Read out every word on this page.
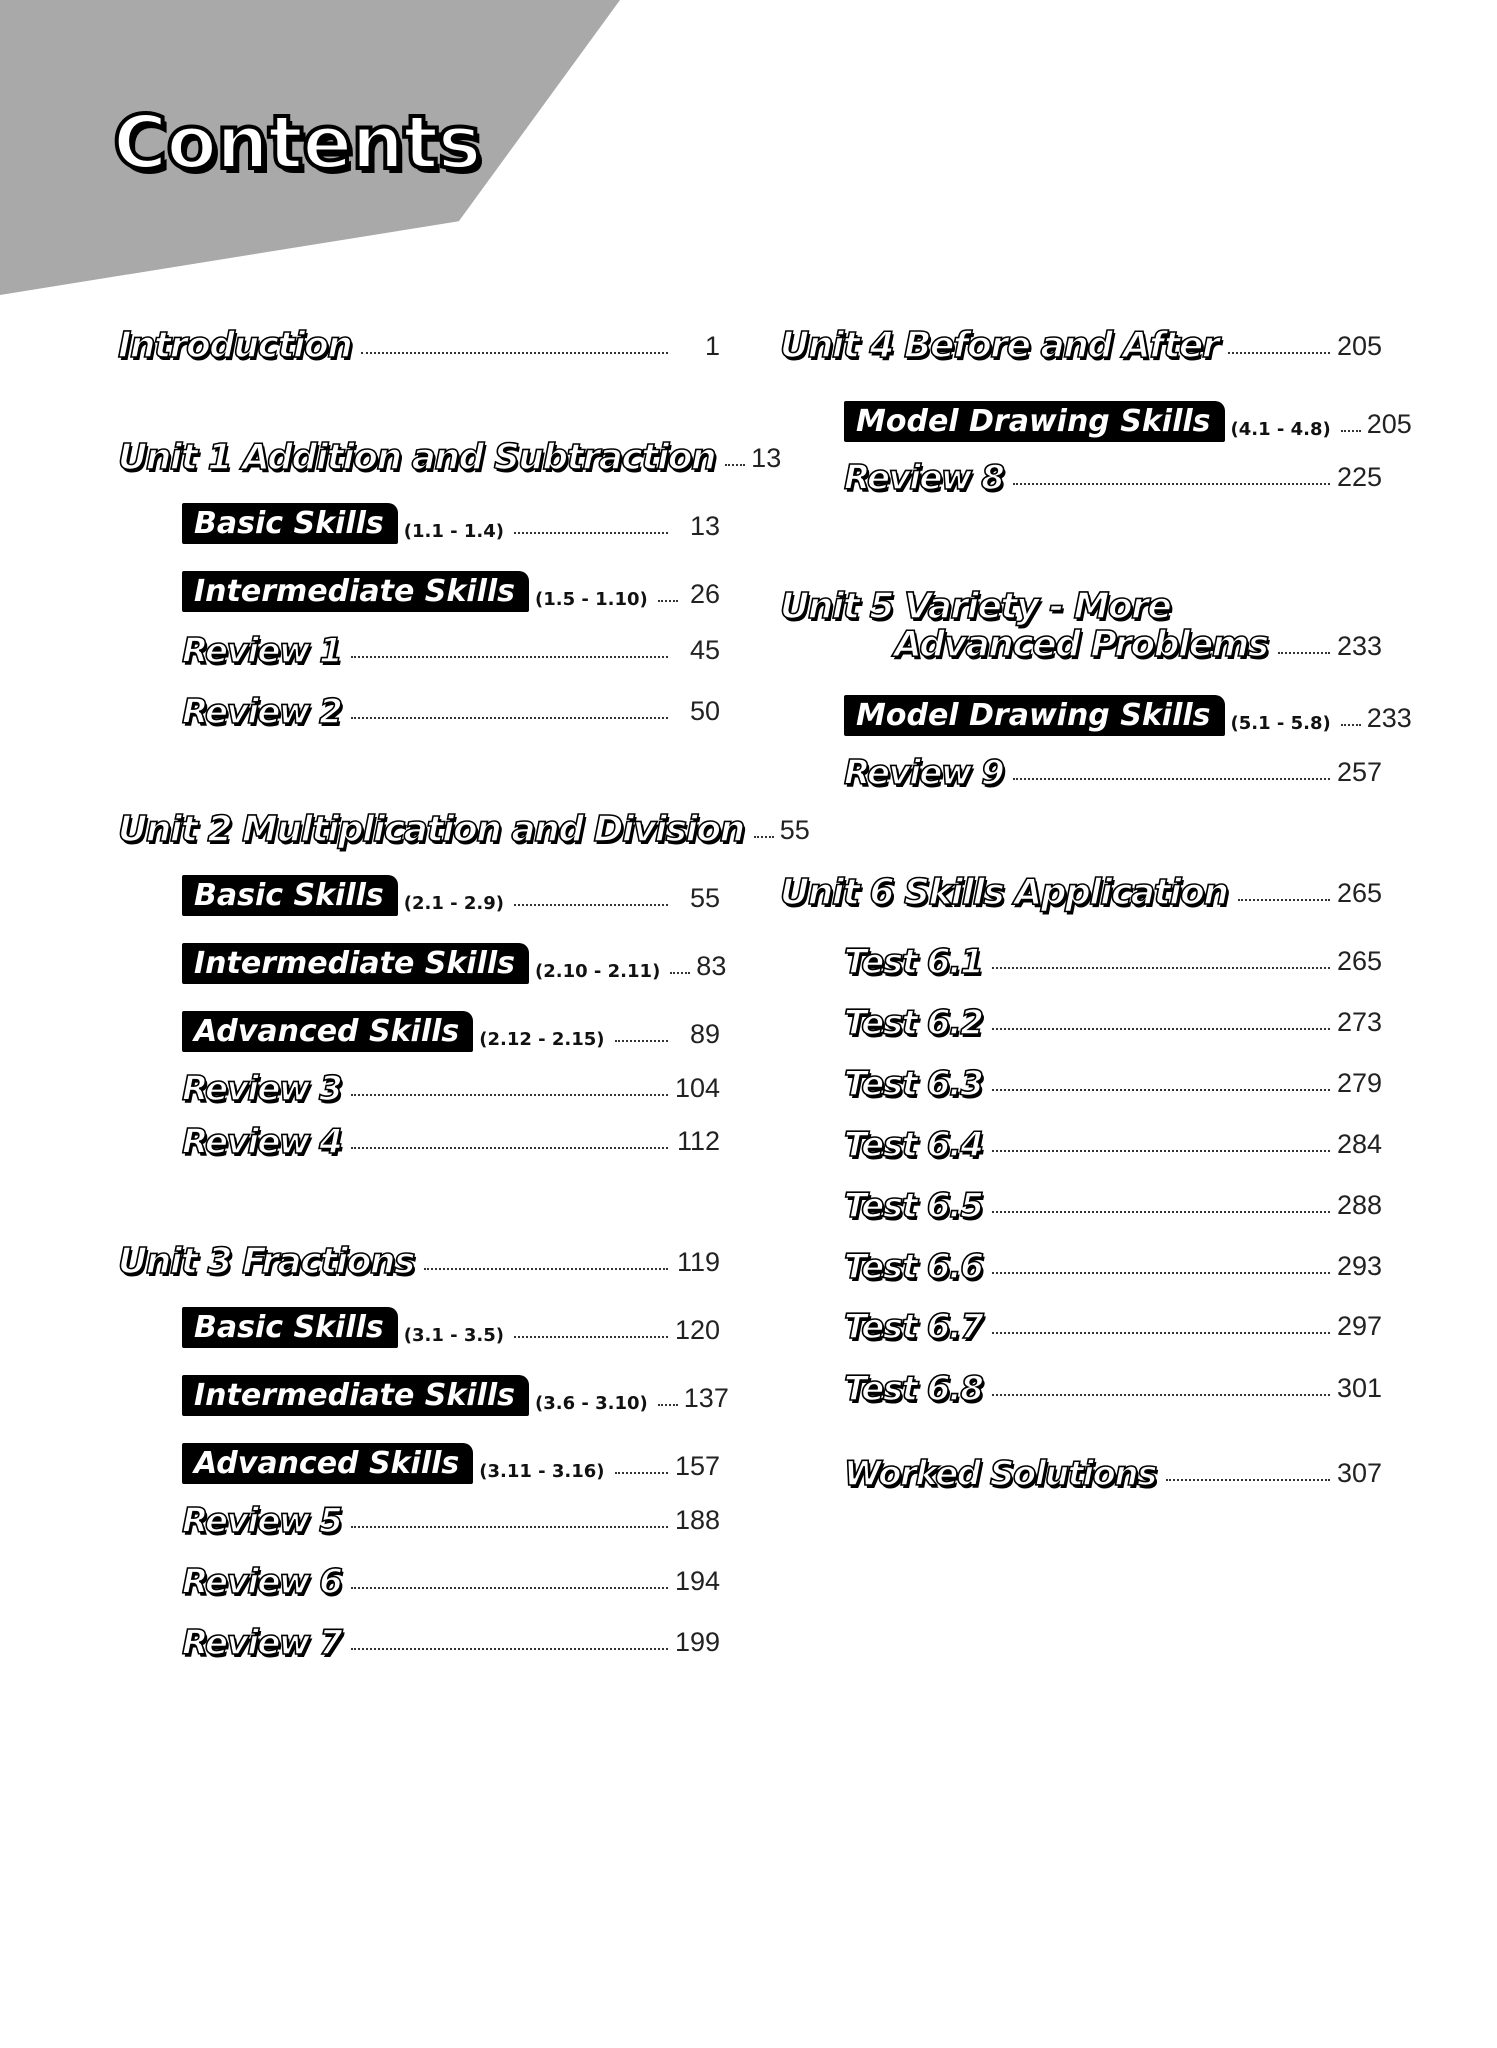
Contents
Introduction	1
Unit 1 Addition and Subtraction 13
Basic Skills	(1.1 - 1.4)	13
Intermediate Skills	(1.5 - 1.10) 26
Review 1	45
Review 2	50
Unit 2 Multiplication and Division 55
Basic Skills	(2.1 - 2.9)	55
Intermediate Skills	(2.10 - 2.11) 83
Advanced Skills	(2.12 - 2.15)	89
Review 3	104
Review 4	112
Unit 3 Fractions	119
Basic Skills	(3.1 - 3.5)	120
Intermediate Skills	(3.6 - 3.10) 137
Advanced Skills	(3.11 - 3.16)	157
Review 5	188
Review 6	194
Review 7	199
Unit 4 Before and After	205
Model Drawing Skills	(4.1 - 4.8) 205
Review 8	225
Unit 5 Variety - More
Advanced Problems	233
Model Drawing Skills	(5.1 - 5.8) 233
Review 9	257
Unit 6 Skills Application	265
Test 6.1	265
Test 6.2	273
Test 6.3	279
Test 6.4	284
Test 6.5	288
Test 6.6	293
Test 6.7	297
Test 6.8	301
Worked Solutions	307
